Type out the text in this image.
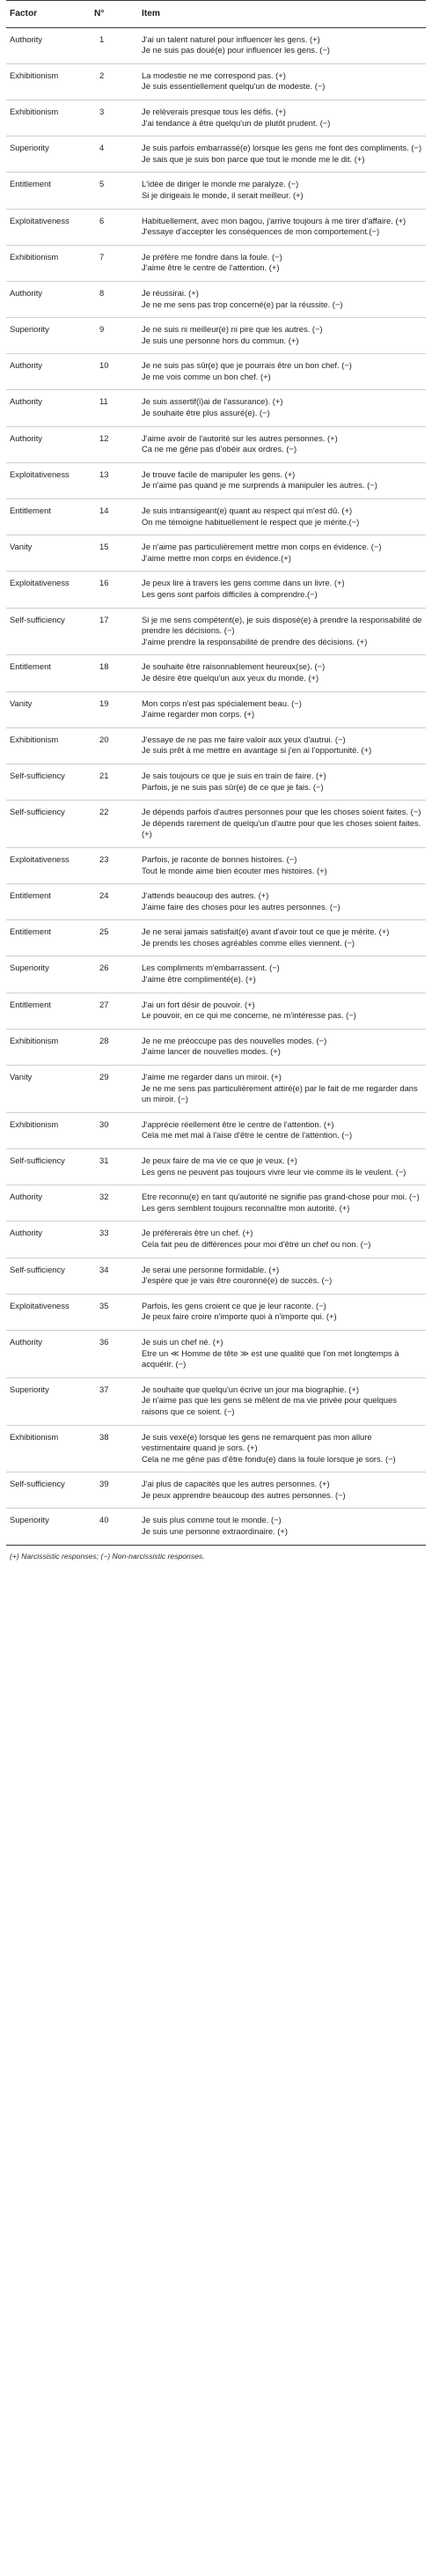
Factor	N°	Item
Authority	1	J'ai un talent naturel pour influencer les gens. (+)
Je ne suis pas doué(e) pour influencer les gens. (−)

Exhibitionism	2	La modestie ne me correspond pas. (+)
Je suis essentiellement quelqu'un de modeste. (−)

Exhibitionism	3	Je relèverais presque tous les défis. (+)
J'ai tendance à être quelqu'un de plutôt prudent. (−)

Superiority	4	Je suis parfois embarrassé(e) lorsque les gens me font des compliments. (−)
Je sais que je suis bon parce que tout le monde me le dit. (+)

Entitlement	5	L'idée de diriger le monde me paralyze. (−)
Si je dirigeais le monde, il serait meilleur. (+)

Exploitativeness	6	Habituellement, avec mon bagou, j'arrive toujours à me tirer d'affaire. (+)
J'essaye d'accepter les conséquences de mon comportement.(−)

Exhibitionism	7	Je préfère me fondre dans la foule. (−)
J'aime être le centre de l'attention. (+)

Authority	8	Je réussirai. (+)
Je ne me sens pas trop concerné(e) par la réussite. (−)

Superiority	9	Je ne suis ni meilleur(e) ni pire que les autres. (−)
Je suis une personne hors du commun. (+)

Authority	10	Je ne suis pas sûr(e) que je pourrais être un bon chef. (−)
Je me vois comme un bon chef. (+)

Authority	11	Je suis assertif(ϊ)ai de l'assurance). (+)
Je souhaite être plus assuré(e). (−)

Authority	12	J'aime avoir de l'autorité sur les autres personnes. (+)
Ca ne me gêne pas d'obéir aux ordres. (−)

Exploitativeness	13	Je trouve facile de manipuler les gens. (+)
Je n'aime pas quand je me surprends à manipuler les autres. (−)

Entitlement	14	Je suis intransigeant(e) quant au respect qui m'est dû. (+)
On me témoigne habituellement le respect que je mérite.(−)

Vanity	15	Je n'aime pas particulièrement mettre mon corps en évidence. (−)
J'aime mettre mon corps en évidence.(+)

Exploitativeness	16	Je peux lire à travers les gens comme dans un livre. (+)
Les gens sont parfois difficiles à comprendre.(−)

Self-sufficiency	17	Si je me sens compétent(e), je suis disposé(e) à prendre la responsabilité de prendre les décisions. (−)
J'aime prendre la responsabilité de prendre des décisions. (+)

Entitlement	18	Je souhaite être raisonnablement heureux(se). (−)
Je désire être quelqu'un aux yeux du monde. (+)

Vanity	19	Mon corps n'est pas spécialement beau. (−)
J'aime regarder mon corps. (+)

Exhibitionism	20	J'essaye de ne pas me faire valoir aux yeux d'autrui. (−)
Je suis prêt à me mettre en avantage si j'en ai l'opportunité. (+)

Self-sufficiency	21	Je sais toujours ce que je suis en train de faire. (+)
Parfois, je ne suis pas sûr(e) de ce que je fais. (−)

Self-sufficiency	22	Je dépends parfois d'autres personnes pour que les choses soient faites. (−)
Je dépends rarement de quelqu'un d'autre pour que les choses soient faites. (+)

Exploitativeness	23	Parfois, je raconte de bonnes histoires. (−)
Tout le monde aime bien écouter mes histoires. (+)

Entitlement	24	J'attends beaucoup des autres. (+)
J'aime faire des choses pour les autres personnes. (−)

Entitlement	25	Je ne serai jamais satisfait(e) avant d'avoir tout ce que je mérite. (+)
Je prends les choses agréables comme elles viennent. (−)

Superiority	26	Les compliments m'embarrassent. (−)
J'aime être complimenté(e). (+)

Entitlement	27	J'ai un fort désir de pouvoir. (+)
Le pouvoir, en ce qui me concerne, ne m'intéresse pas. (−)

Exhibitionism	28	Je ne me préoccupe pas des nouvelles modes. (−)
J'aime lancer de nouvelles modes. (+)

Vanity	29	J'aime me regarder dans un miroir. (+)
Je ne me sens pas particulièrement attiré(e) par le fait de me regarder dans un miroir. (−)

Exhibitionism	30	J'apprécie réellement être le centre de l'attention. (+)
Cela me met mal à l'aise d'être le centre de l'attention. (−)

Self-sufficiency	31	Je peux faire de ma vie ce que je veux. (+)
Les gens ne peuvent pas toujours vivre leur vie comme ils le veulent. (−)

Authority	32	Etre reconnu(e) en tant qu'autorité ne signifie pas grand-chose pour moi. (−)
Les gens semblent toujours reconnaître mon autorité. (+)

Authority	33	Je préférerais être un chef. (+)
Cela fait peu de différences pour moi d'être un chef ou non. (−)

Self-sufficiency	34	Je serai une personne formidable. (+)
J'espère que je vais être couronné(e) de succès. (−)

Exploitativeness	35	Parfois, les gens croient ce que je leur raconte. (−)
Je peux faire croire n'importe quoi à n'importe qui. (+)

Authority	36	Je suis un chef né. (+)
Etre un ≪ Homme de tête ≫ est une qualité que l'on met longtemps à acquérir. (−)

Superiority	37	Je souhaite que quelqu'un écrive un jour ma biographie. (+)
Je n'aime pas que les gens se mêlent de ma vie privée pour quelques raisons que ce soient. (−)

Exhibitionism	38	Je suis vexé(e) lorsque les gens ne remarquent pas mon allure vestimentaire quand je sors. (+)
Cela ne me gêne pas d'être fondu(e) dans la foule lorsque je sors. (−)

Self-sufficiency	39	J'ai plus de capacités que les autres personnes. (+)
Je peux apprendre beaucoup des autres personnes. (−)

Superiority	40	Je suis plus comme tout le monde. (−)
Je suis une personne extraordinaire. (+)
(+) Narcissistic responses; (−) Non-narcissistic responses.
